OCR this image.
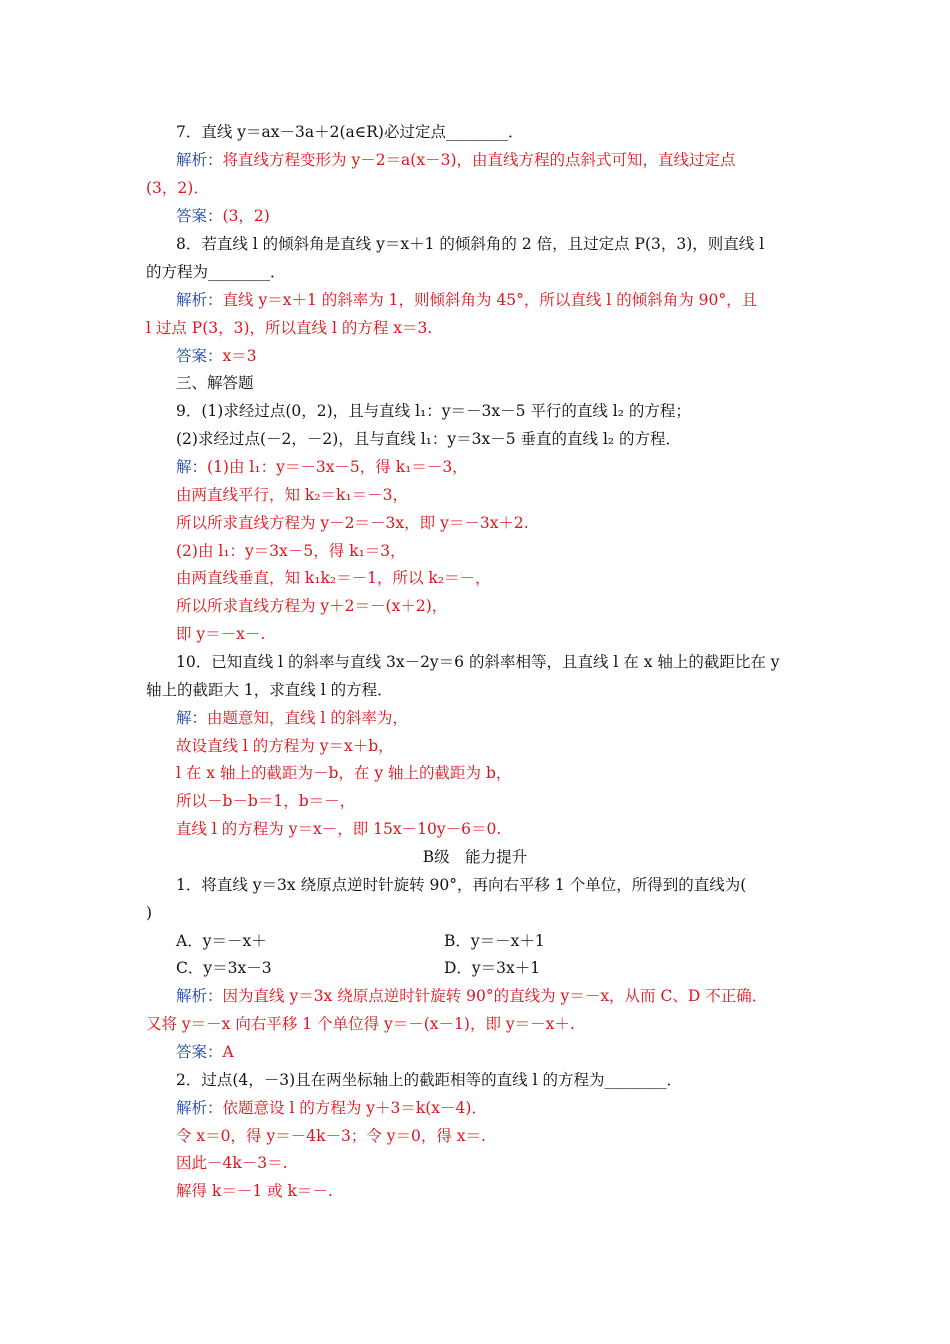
7．直线 y＝ax－3a＋2(a∈R)必过定点________．
解析：将直线方程变形为 y－2＝a(x－3)，由直线方程的点斜式可知，直线过定点
(3，2)．
答案：(3，2)
8．若直线 l 的倾斜角是直线 y＝x＋1 的倾斜角的 2 倍，且过定点 P(3，3)，则直线 l
的方程为________．
解析：直线 y＝x＋1 的斜率为 1，则倾斜角为 45°，所以直线 l 的倾斜角为 90°，且
l 过点 P(3，3)，所以直线 l 的方程 x＝3.
答案：x＝3
三、解答题
9．(1)求经过点(0，2)，且与直线 l₁：y＝－3x－5 平行的直线 l₂ 的方程；
(2)求经过点(－2，－2)，且与直线 l₁：y＝3x－5 垂直的直线 l₂ 的方程．
解：(1)由 l₁：y＝－3x－5，得 k₁＝－3，
由两直线平行，知 k₂＝k₁＝－3，
所以所求直线方程为 y－2＝－3x，即 y＝－3x＋2.
(2)由 l₁：y＝3x－5，得 k₁＝3，
由两直线垂直，知 k₁k₂＝－1，所以 k₂＝－，
所以所求直线方程为 y＋2＝－(x＋2)，
即 y＝－x－.
10．已知直线 l 的斜率与直线 3x－2y＝6 的斜率相等，且直线 l 在 x 轴上的截距比在 y
轴上的截距大 1，求直线 l 的方程．
解：由题意知，直线 l 的斜率为，
故设直线 l 的方程为 y＝x＋b，
l 在 x 轴上的截距为－b，在 y 轴上的截距为 b，
所以－b－b＝1，b＝－，
直线 l 的方程为 y＝x－，即 15x－10y－6＝0.
B级　能力提升
1．将直线 y＝3x 绕原点逆时针旋转 90°，再向右平移 1 个单位，所得到的直线为(
)
A．y＝－x＋	B．y＝－x＋1
C．y＝3x－3	D．y＝3x＋1
解析：因为直线 y＝3x 绕原点逆时针旋转 90°的直线为 y＝－x，从而 C、D 不正确．
又将 y＝－x 向右平移 1 个单位得 y＝－(x－1)，即 y＝－x＋.
答案：A
2．过点(4，－3)且在两坐标轴上的截距相等的直线 l 的方程为________．
解析：依题意设 l 的方程为 y＋3＝k(x－4)．
令 x＝0，得 y＝－4k－3；令 y＝0，得 x＝.
因此－4k－3＝.
解得 k＝－1 或 k＝－.
